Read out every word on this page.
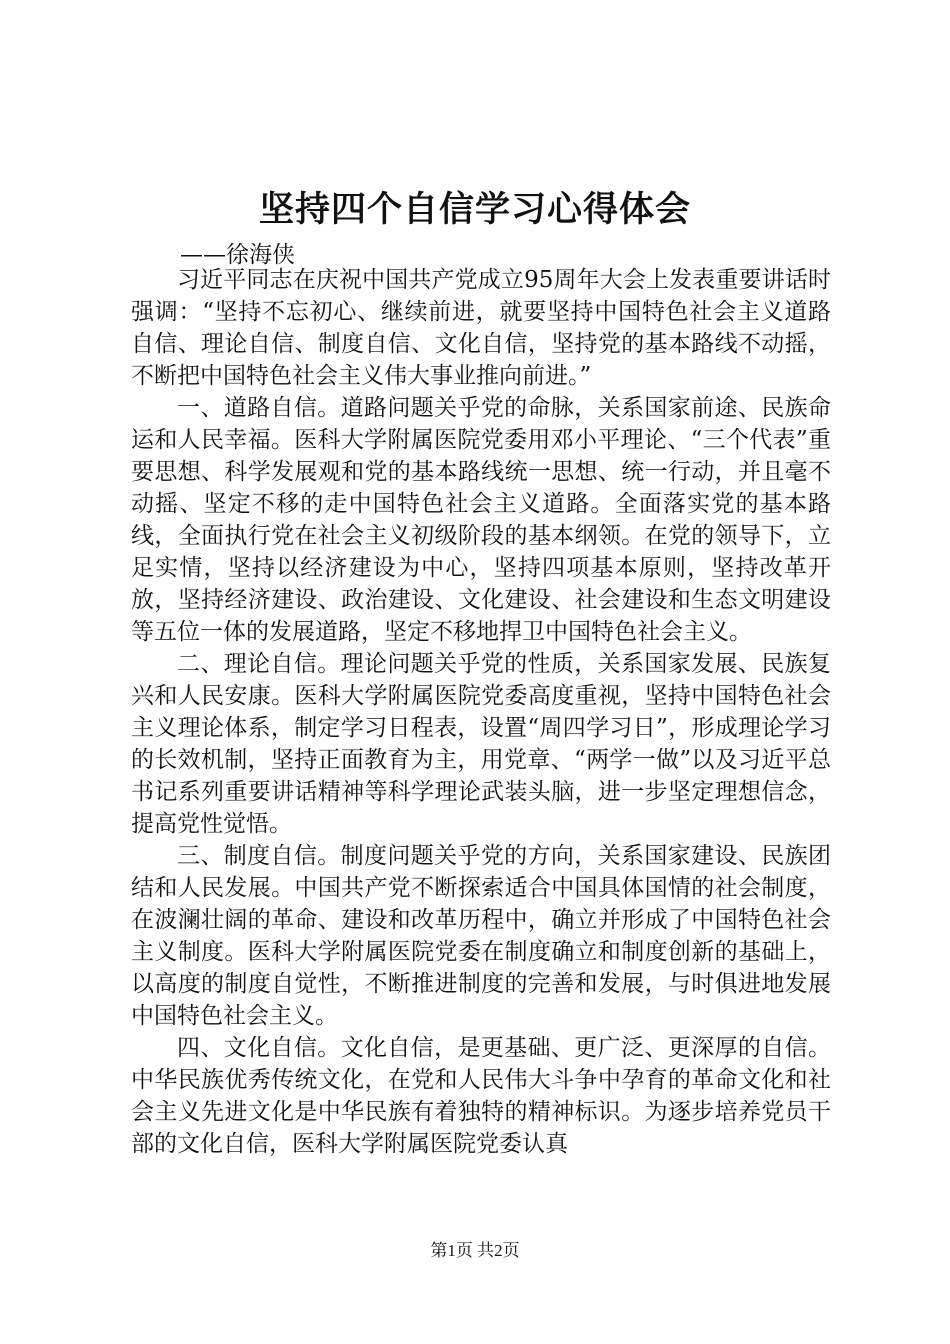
坚持四个自信学习心得体会
——徐海侠

习近平同志在庆祝中国共产党成立95周年大会上发表重要讲话时强调：“坚持不忘初心、继续前进，就要坚持中国特色社会主义道路自信、理论自信、制度自信、文化自信，坚持党的基本路线不动摇，不断把中国特色社会主义伟大事业推向前进。”

一、道路自信。道路问题关乎党的命脉，关系国家前途、民族命运和人民幸福。医科大学附属医院党委用邓小平理论、“三个代表”重要思想、科学发展观和党的基本路线统一思想、统一行动，并且毫不动摇、坚定不移的走中国特色社会主义道路。全面落实党的基本路线，全面执行党在社会主义初级阶段的基本纲领。在党的领导下，立足实情，坚持以经济建设为中心，坚持四项基本原则，坚持改革开放，坚持经济建设、政治建设、文化建设、社会建设和生态文明建设等五位一体的发展道路，坚定不移地捍卫中国特色社会主义。

二、理论自信。理论问题关乎党的性质，关系国家发展、民族复兴和人民安康。医科大学附属医院党委高度重视，坚持中国特色社会主义理论体系，制定学习日程表，设置“周四学习日”，形成理论学习的长效机制，坚持正面教育为主，用党章、“两学一做”以及习近平总书记系列重要讲话精神等科学理论武装头脑，进一步坚定理想信念，提高党性觉悟。

三、制度自信。制度问题关乎党的方向，关系国家建设、民族团结和人民发展。中国共产党不断探索适合中国具体国情的社会制度，在波澜壮阔的革命、建设和改革历程中，确立并形成了中国特色社会主义制度。医科大学附属医院党委在制度确立和制度创新的基础上，以高度的制度自觉性，不断推进制度的完善和发展，与时俱进地发展中国特色社会主义。

四、文化自信。文化自信，是更基础、更广泛、更深厚的自信。中华民族优秀传统文化，在党和人民伟大斗争中孕育的革命文化和社会主义先进文化是中华民族有着独特的精神标识。为逐步培养党员干部的文化自信，医科大学附属医院党委认真

第1页 共2页
